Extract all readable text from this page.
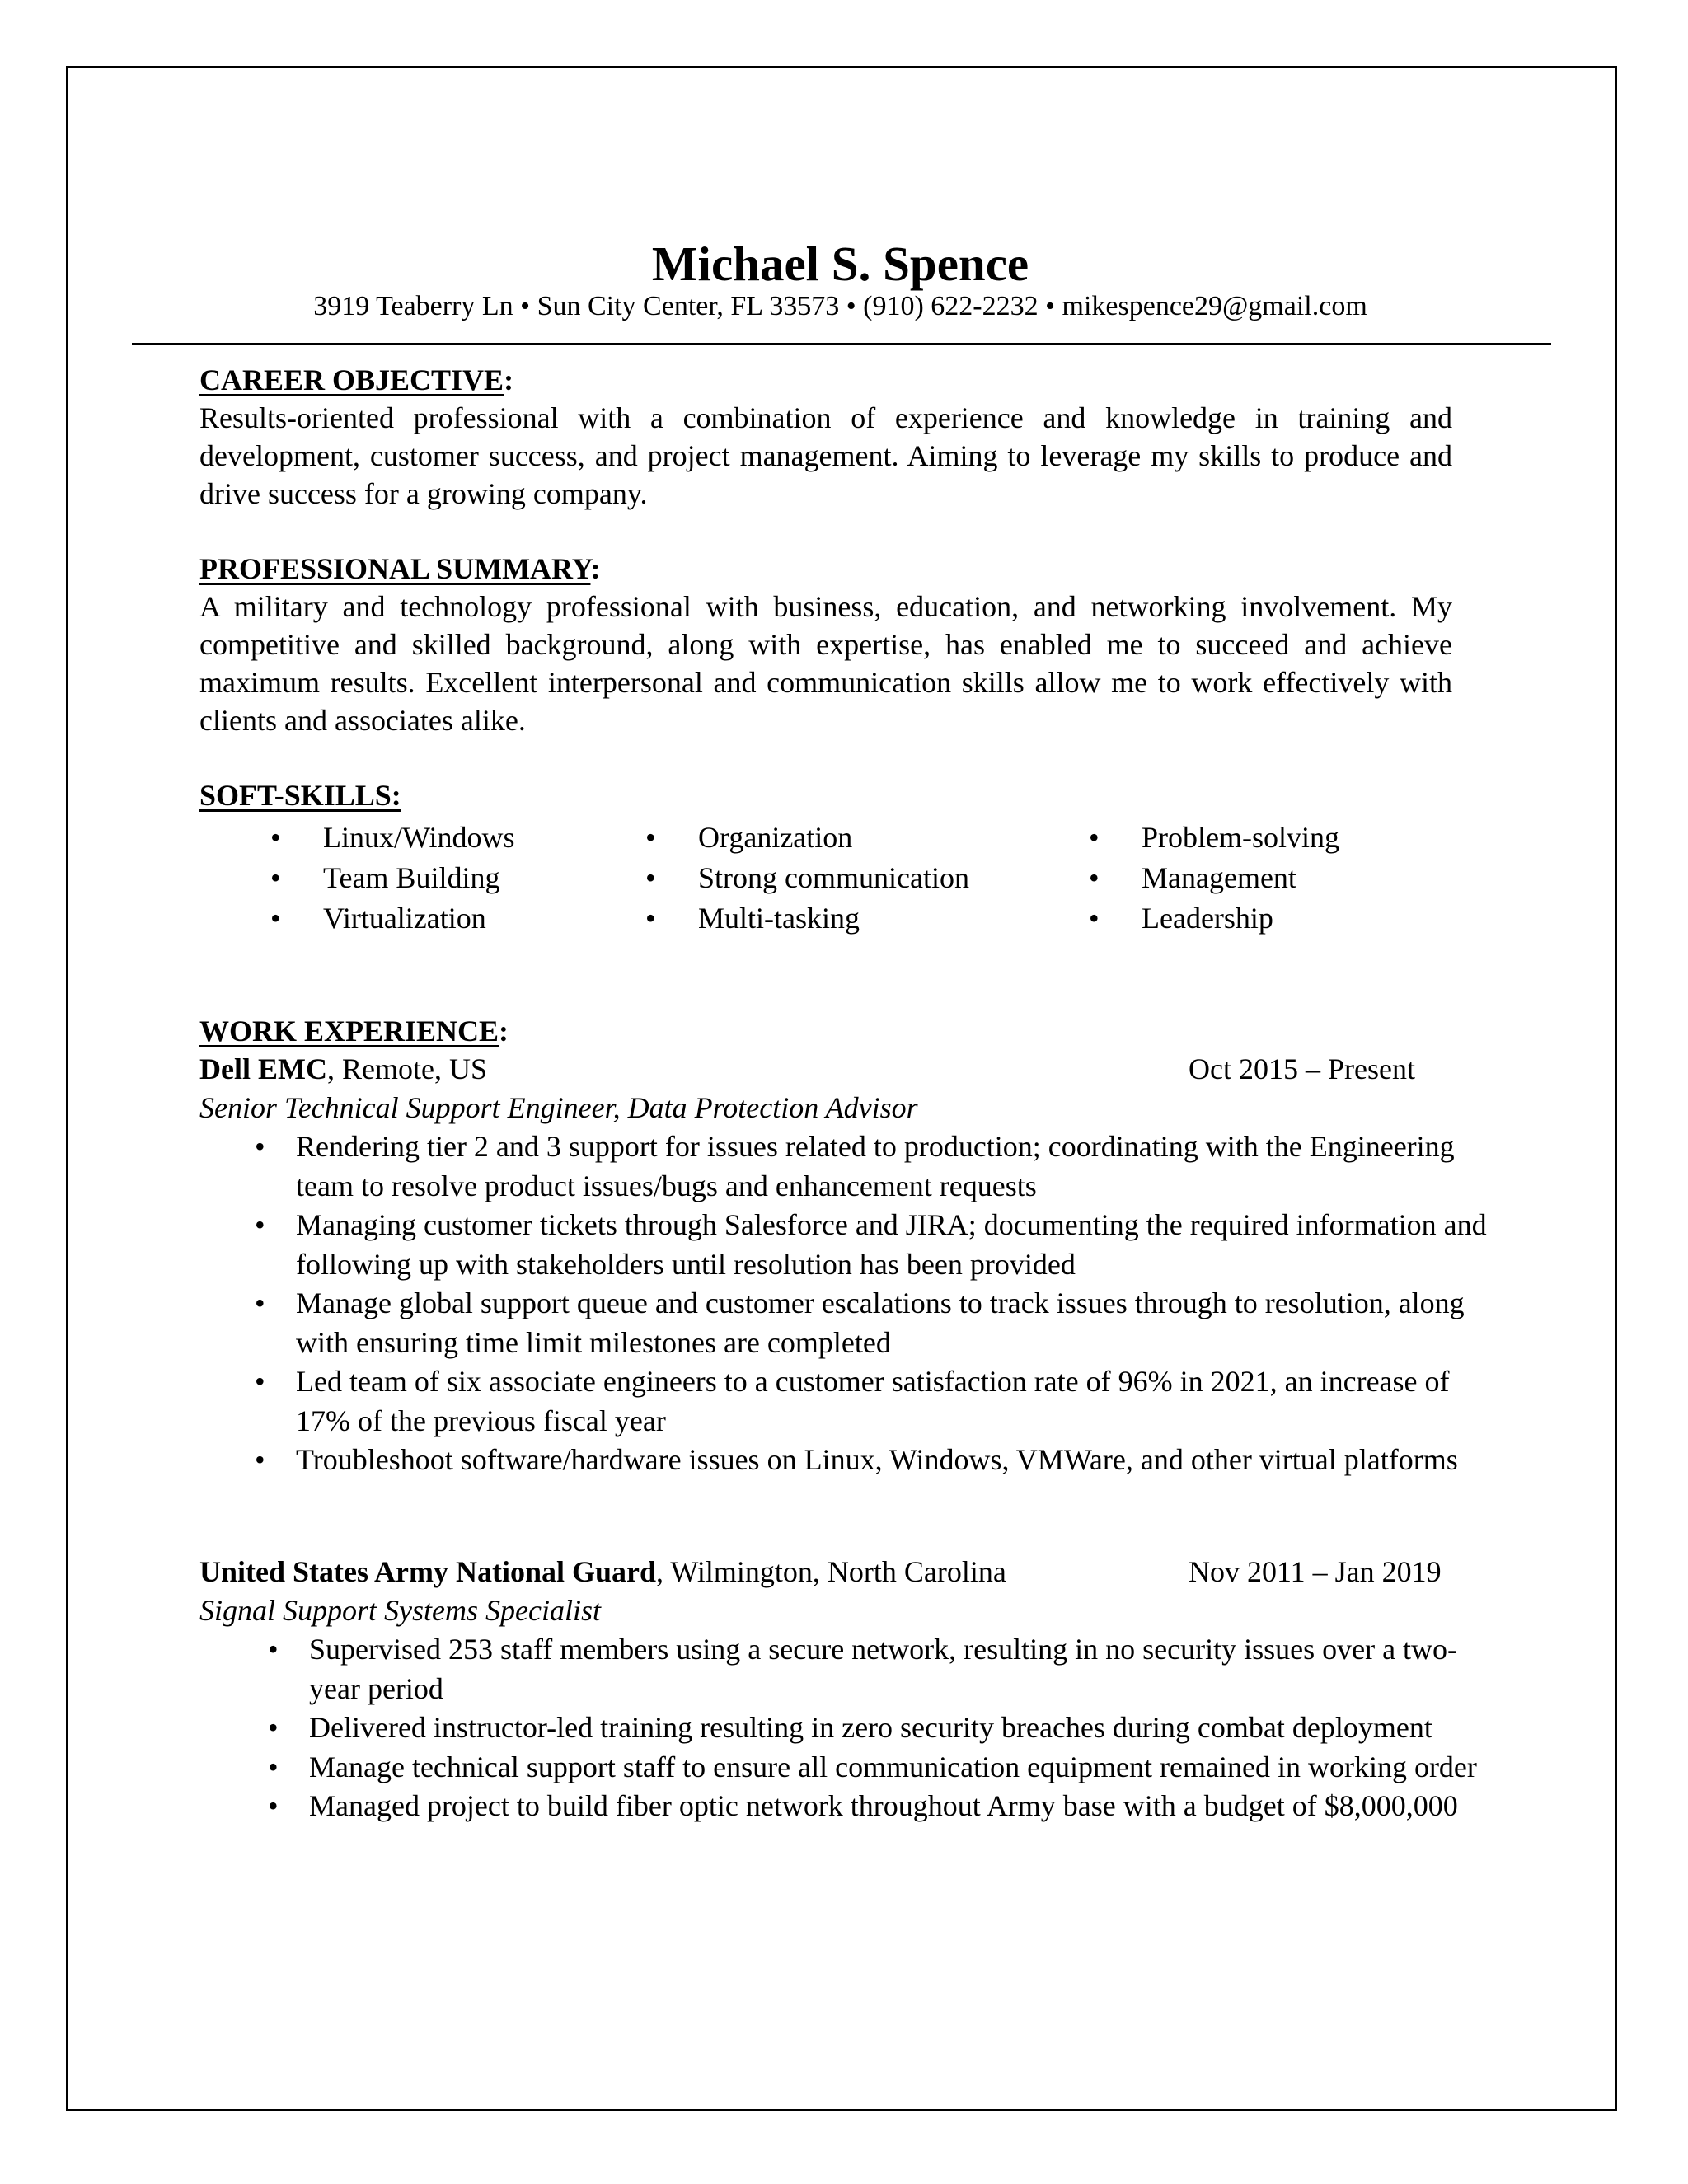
Michael S. Spence
3919 Teaberry Ln • Sun City Center, FL 33573 • (910) 622-2232 • mikespence29@gmail.com
CAREER OBJECTIVE:
Results-oriented professional with a combination of experience and knowledge in training and development, customer success, and project management. Aiming to leverage my skills to produce and drive success for a growing company.
PROFESSIONAL SUMMARY:
A military and technology professional with business, education, and networking involvement. My competitive and skilled background, along with expertise, has enabled me to succeed and achieve maximum results. Excellent interpersonal and communication skills allow me to work effectively with clients and associates alike.
SOFT-SKILLS:
• Linux/Windows
• Team Building
• Virtualization
• Organization
• Strong communication
• Multi-tasking
• Problem-solving
• Management
• Leadership
WORK EXPERIENCE:
Dell EMC, Remote, US	Oct 2015 – Present
Senior Technical Support Engineer, Data Protection Advisor
• Rendering tier 2 and 3 support for issues related to production; coordinating with the Engineering team to resolve product issues/bugs and enhancement requests
• Managing customer tickets through Salesforce and JIRA; documenting the required information and following up with stakeholders until resolution has been provided
• Manage global support queue and customer escalations to track issues through to resolution, along with ensuring time limit milestones are completed
• Led team of six associate engineers to a customer satisfaction rate of 96% in 2021, an increase of 17% of the previous fiscal year
• Troubleshoot software/hardware issues on Linux, Windows, VMWare, and other virtual platforms
United States Army National Guard, Wilmington, North Carolina	Nov 2011 – Jan 2019
Signal Support Systems Specialist
• Supervised 253 staff members using a secure network, resulting in no security issues over a two-year period
• Delivered instructor-led training resulting in zero security breaches during combat deployment
• Manage technical support staff to ensure all communication equipment remained in working order
• Managed project to build fiber optic network throughout Army base with a budget of $8,000,000
